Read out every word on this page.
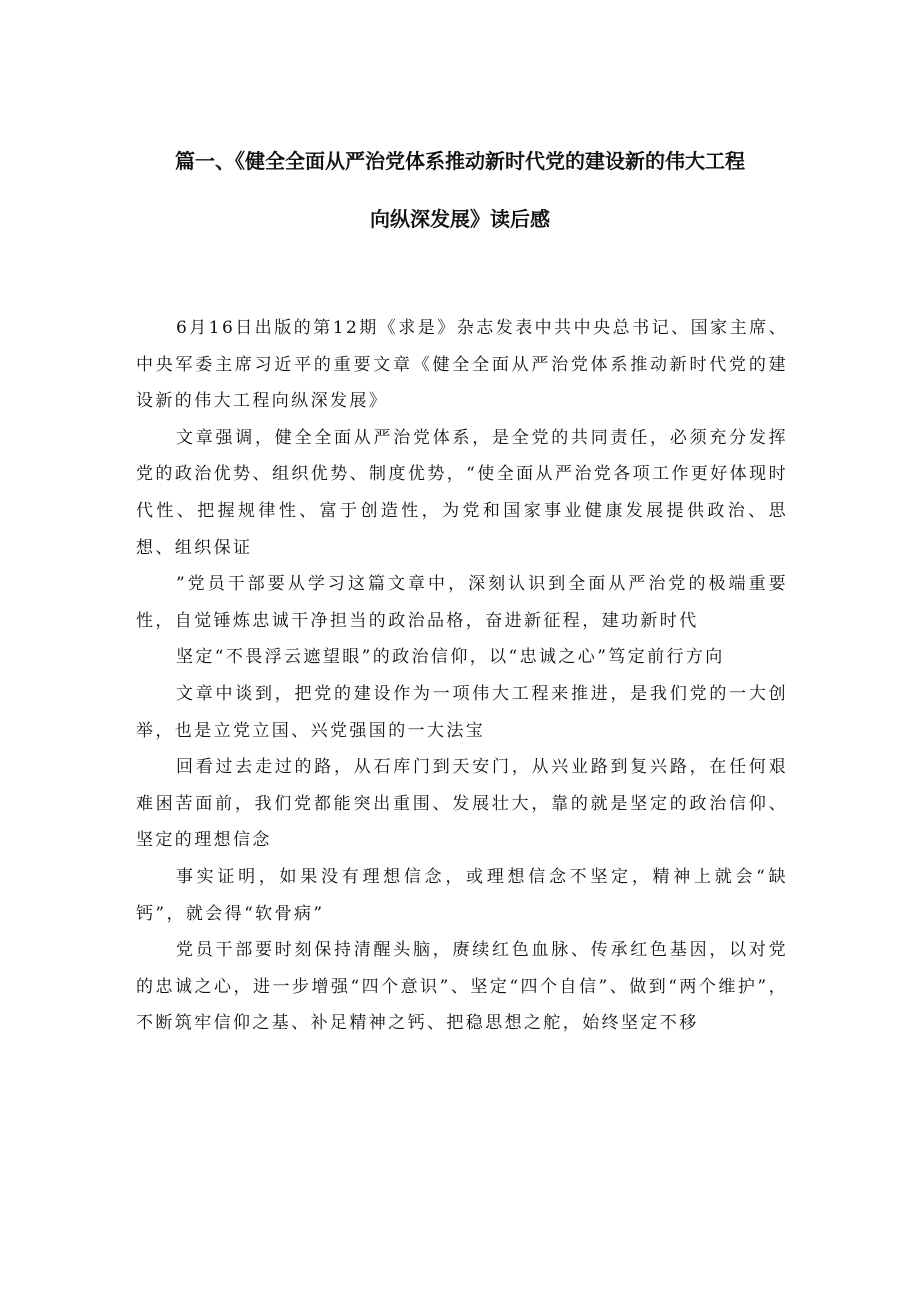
篇一、《健全全面从严治党体系推动新时代党的建设新的伟大工程
向纵深发展》读后感

6月16日出版的第12期《求是》杂志发表中共中央总书记、国家主席、中央军委主席习近平的重要文章《健全全面从严治党体系推动新时代党的建设新的伟大工程向纵深发展》

文章强调，健全全面从严治党体系，是全党的共同责任，必须充分发挥党的政治优势、组织优势、制度优势，“使全面从严治党各项工作更好体现时代性、把握规律性、富于创造性，为党和国家事业健康发展提供政治、思想、组织保证

”党员干部要从学习这篇文章中，深刻认识到全面从严治党的极端重要性，自觉锤炼忠诚干净担当的政治品格，奋进新征程，建功新时代

坚定“不畏浮云遮望眼”的政治信仰，以“忠诚之心”笃定前行方向

文章中谈到，把党的建设作为一项伟大工程来推进，是我们党的一大创举，也是立党立国、兴党强国的一大法宝

回看过去走过的路，从石库门到天安门，从兴业路到复兴路，在任何艰难困苦面前，我们党都能突出重围、发展壮大，靠的就是坚定的政治信仰、坚定的理想信念

事实证明，如果没有理想信念，或理想信念不坚定，精神上就会“缺钙”，就会得“软骨病”

党员干部要时刻保持清醒头脑，赓续红色血脉、传承红色基因，以对党的忠诚之心，进一步增强“四个意识”、坚定“四个自信”、做到“两个维护”，不断筑牢信仰之基、补足精神之钙、把稳思想之舵，始终坚定不移
